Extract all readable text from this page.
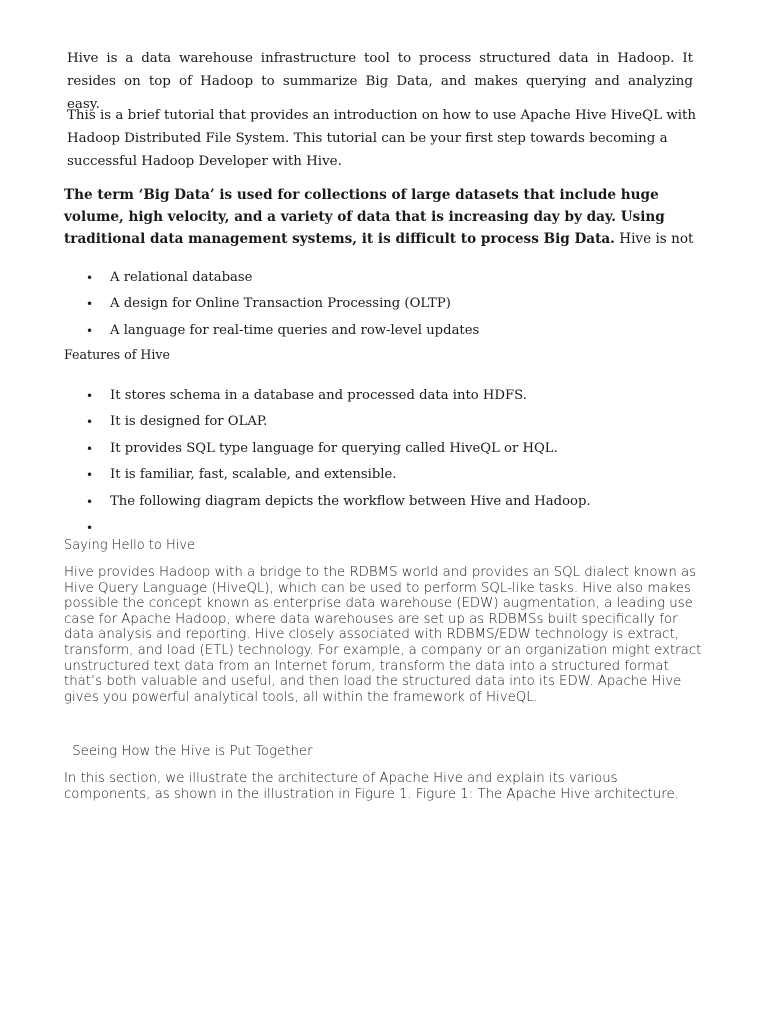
Hive is a data warehouse infrastructure tool to process structured data in Hadoop. It resides on top of Hadoop to summarize Big Data, and makes querying and analyzing easy.

This is a brief tutorial that provides an introduction on how to use Apache Hive HiveQL with Hadoop Distributed File System. This tutorial can be your first step towards becoming a successful Hadoop Developer with Hive.

The term ‘Big Data’ is used for collections of large datasets that include huge volume, high velocity, and a variety of data that is increasing day by day. Using traditional data management systems, it is difficult to process Big Data. Hive is not

• A relational database
• A design for Online Transaction Processing (OLTP)
• A language for real-time queries and row-level updates

Features of Hive

• It stores schema in a database and processed data into HDFS.
• It is designed for OLAP.
• It provides SQL type language for querying called HiveQL or HQL.
• It is familiar, fast, scalable, and extensible.
• The following diagram depicts the workflow between Hive and Hadoop.
•

Saying Hello to Hive

Hive provides Hadoop with a bridge to the RDBMS world and provides an SQL dialect known as Hive Query Language (HiveQL), which can be used to perform SQL-like tasks. Hive also makes possible the concept known as enterprise data warehouse (EDW) augmentation, a leading use case for Apache Hadoop, where data warehouses are set up as RDBMSs built specifically for data analysis and reporting. Hive closely associated with RDBMS/EDW technology is extract, transform, and load (ETL) technology. For example, a company or an organization might extract unstructured text data from an Internet forum, transform the data into a structured format that’s both valuable and useful, and then load the structured data into its EDW. Apache Hive gives you powerful analytical tools, all within the framework of HiveQL.

Seeing How the Hive is Put Together

In this section, we illustrate the architecture of Apache Hive and explain its various components, as shown in the illustration in Figure 1. Figure 1: The Apache Hive architecture.
